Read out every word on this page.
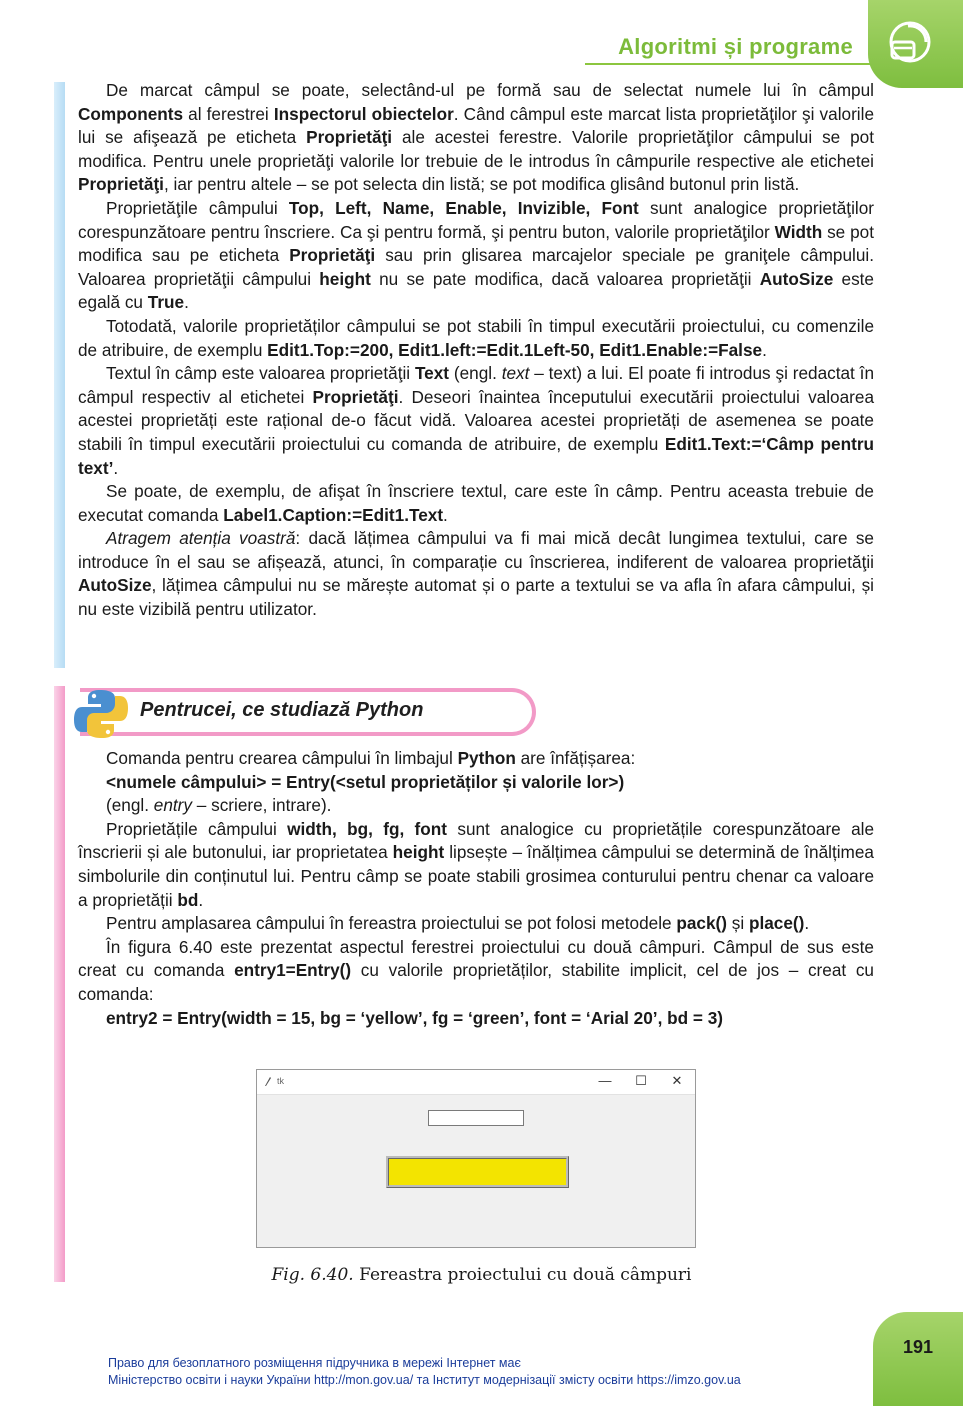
Algoritmi și programe

De marcat câmpul se poate, selectând-ul pe formă sau de selectat numele lui în câmpul Components al ferestrei Inspectorul obiectelor. Când câmpul este marcat lista proprietăţilor şi valorile lui se afişează pe eticheta Proprietăţi ale acestei ferestre. Valorile proprietăţilor câmpului se pot modifica. Pentru unele proprietăţi valorile lor trebuie de le introdus în câmpurile respective ale etichetei Proprietăţi, iar pentru altele – se pot selecta din listă; se pot modifica glisând butonul prin listă.

Proprietăţile câmpului Top, Left, Name, Enable, Invizible, Font sunt analogice proprietăţilor corespunzătoare pentru înscriere. Ca şi pentru formă, şi pentru buton, valorile proprietăţilor Width se pot modifica sau pe eticheta Proprietăţi sau prin glisarea marcajelor speciale pe graniţele câmpului. Valoarea proprietăţii câmpului height nu se pate modifica, dacă valoarea proprietăţii AutoSize este egală cu True.

Totodată, valorile proprietăților câmpului se pot stabili în timpul executării proiectului, cu comenzile de atribuire, de exemplu Edit1.Top:=200, Edit1.left:=Edit.1Left-50, Edit1.Enable:=False.

Textul în câmp este valoarea proprietăţii Text (engl. text – text) a lui. El poate fi introdus şi redactat în câmpul respectiv al etichetei Proprietăţi. Deseori înaintea începutului executării proiectului valoarea acestei proprietăți este rațional de-o făcut vidă. Valoarea acestei proprietăți de asemenea se poate stabili în timpul executării proiectului cu comanda de atribuire, de exemplu Edit1.Text:=‘Câmp pentru text’.

Se poate, de exemplu, de afişat în înscriere textul, care este în câmp. Pentru aceasta trebuie de executat comanda Label1.Caption:=Edit1.Text.

Atragem atenția voastră: dacă lățimea câmpului va fi mai mică decât lungimea textului, care se introduce în el sau se afișează, atunci, în comparație cu înscrierea, indiferent de valoarea proprietăţii AutoSize, lățimea câmpului nu se mărește automat și o parte a textului se va afla în afara câmpului, și nu este vizibilă pentru utilizator.

Pentrucei, ce studiază Python

Comanda pentru crearea câmpului în limbajul Python are înfățișarea:

<numele câmpului> = Entry(<setul proprietăților și valorile lor>)

(engl. entry – scriere, intrare).

Proprietățile câmpului width, bg, fg, font sunt analogice cu proprietățile corespunzătoare ale înscrierii și ale butonului, iar proprietatea height lipsește – înălțimea câmpului se determină de înălțimea simbolurile din conținutul lui. Pentru câmp se poate stabili grosimea conturului pentru chenar ca valoare a proprietății bd.

Pentru amplasarea câmpului în fereastra proiectului se pot folosi metodele pack() și place().

În figura 6.40 este prezentat aspectul ferestrei proiectului cu două câmpuri. Câmpul de sus este creat cu comanda entry1=Entry() cu valorile proprietăților, stabilite implicit, cel de jos – creat cu comanda:

entry2 = Entry(width = 15, bg = ‘yellow’, fg = ‘green’, font = ‘Arial 20’, bd = 3)

tk	— ☐ ✕
Fig. 6.40. Fereastra proiectului cu două câmpuri
191
Право для безоплатного розміщення підручника в мережі Інтернет має
Міністерство освіти і науки України http://mon.gov.ua/ та Інститут модернізації змісту освіти https://imzo.gov.ua
